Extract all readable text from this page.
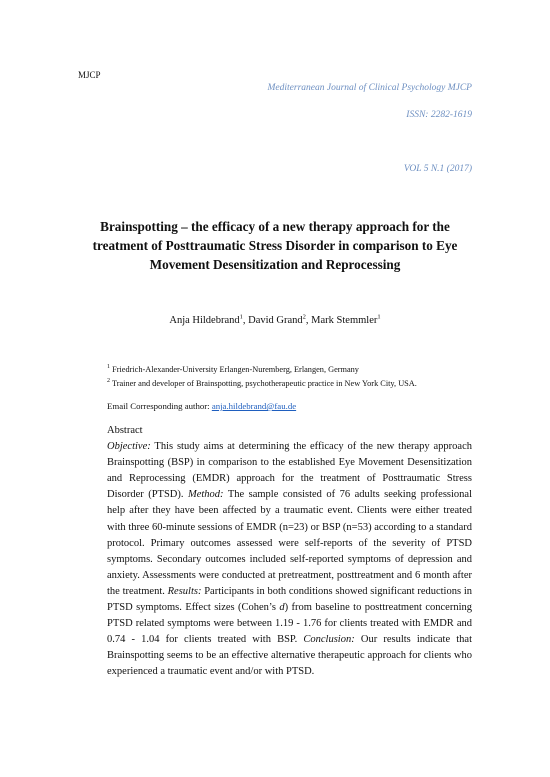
MJCP
Mediterranean Journal of Clinical Psychology MJCP
ISSN: 2282-1619
VOL 5 N.1 (2017)
Brainspotting – the efficacy of a new therapy approach for the treatment of Posttraumatic Stress Disorder in comparison to Eye Movement Desensitization and Reprocessing
Anja Hildebrand$^1$, David Grand$^2$, Mark Stemmler$^1$
$^1$ Friedrich-Alexander-University Erlangen-Nuremberg, Erlangen, Germany
$^2$ Trainer and developer of Brainspotting, psychotherapeutic practice in New York City, USA.
Email Corresponding author: anja.hildebrand@fau.de

Abstract

Objective: This study aims at determining the efficacy of the new therapy approach Brainspotting (BSP) in comparison to the established Eye Movement Desensitization and Reprocessing (EMDR) approach for the treatment of Posttraumatic Stress Disorder (PTSD). Method: The sample consisted of 76 adults seeking professional help after they have been affected by a traumatic event. Clients were either treated with three 60-minute sessions of EMDR (n=23) or BSP (n=53) according to a standard protocol. Primary outcomes assessed were self-reports of the severity of PTSD symptoms. Secondary outcomes included self-reported symptoms of depression and anxiety. Assessments were conducted at pretreatment, posttreatment and 6 month after the treatment. Results: Participants in both conditions showed significant reductions in PTSD symptoms. Effect sizes (Cohen’s d) from baseline to posttreatment concerning PTSD related symptoms were between 1.19 - 1.76 for clients treated with EMDR and 0.74 - 1.04 for clients treated with BSP. Conclusion: Our results indicate that Brainspotting seems to be an effective alternative therapeutic approach for clients who experienced a traumatic event and/or with PTSD.
